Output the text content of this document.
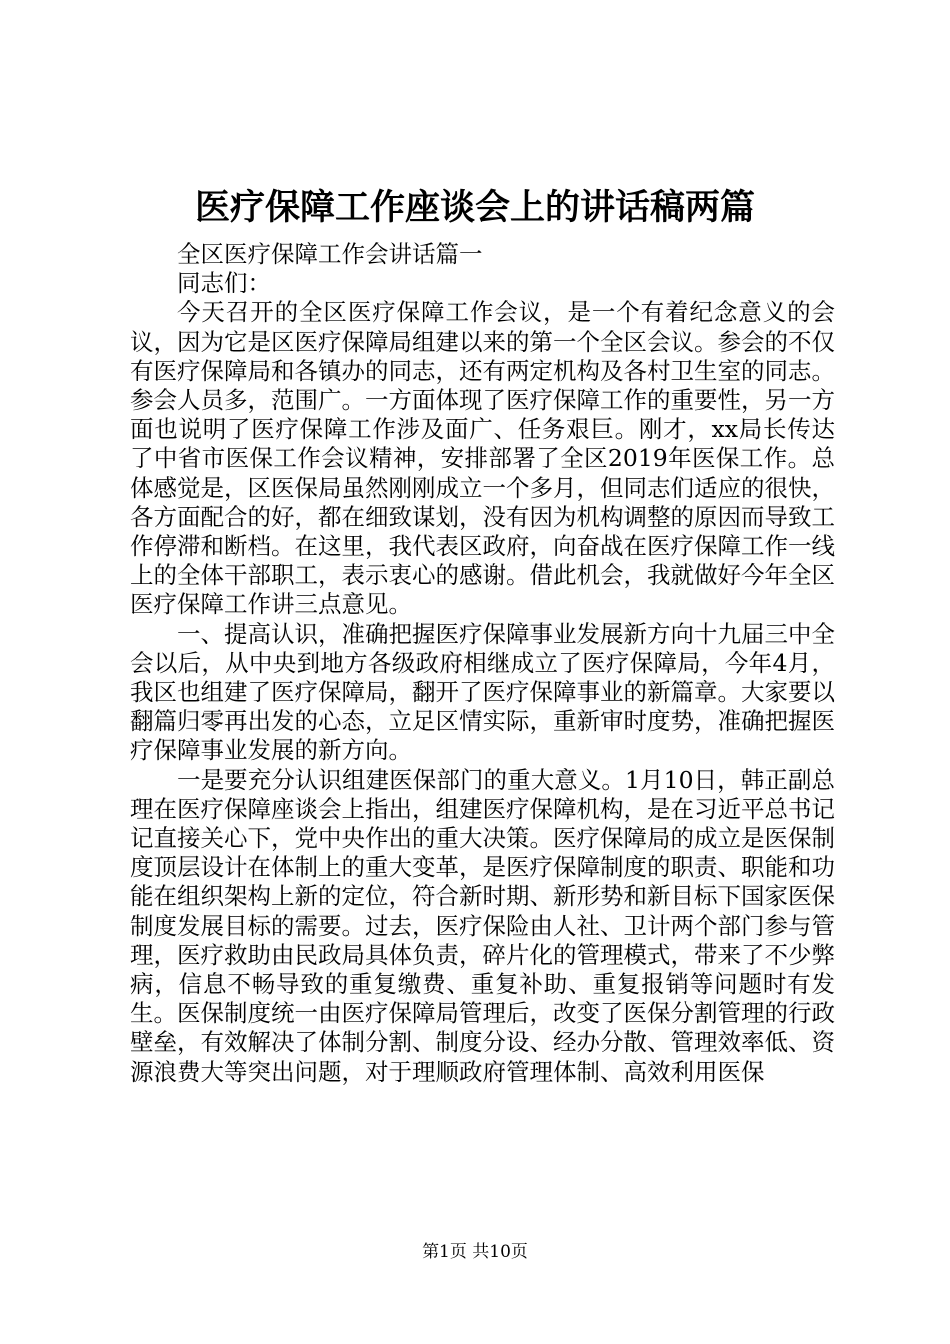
医疗保障工作座谈会上的讲话稿两篇

全区医疗保障工作会讲话篇一

同志们：

今天召开的全区医疗保障工作会议，是一个有着纪念意义的会议，因为它是区医疗保障局组建以来的第一个全区会议。参会的不仅有医疗保障局和各镇办的同志，还有两定机构及各村卫生室的同志。参会人员多，范围广。一方面体现了医疗保障工作的重要性，另一方面也说明了医疗保障工作涉及面广、任务艰巨。刚才，xx局长传达了中省市医保工作会议精神，安排部署了全区2019年医保工作。总体感觉是，区医保局虽然刚刚成立一个多月，但同志们适应的很快，各方面配合的好，都在细致谋划，没有因为机构调整的原因而导致工作停滞和断档。在这里，我代表区政府，向奋战在医疗保障工作一线上的全体干部职工，表示衷心的感谢。借此机会，我就做好今年全区医疗保障工作讲三点意见。

一、提高认识，准确把握医疗保障事业发展新方向十九届三中全会以后，从中央到地方各级政府相继成立了医疗保障局，今年4月，我区也组建了医疗保障局，翻开了医疗保障事业的新篇章。大家要以翻篇归零再出发的心态，立足区情实际，重新审时度势，准确把握医疗保障事业发展的新方向。

一是要充分认识组建医保部门的重大意义。1月10日，韩正副总理在医疗保障座谈会上指出，组建医疗保障机构，是在习近平总书记记直接关心下，党中央作出的重大决策。医疗保障局的成立是医保制度顶层设计在体制上的重大变革，是医疗保障制度的职责、职能和功能在组织架构上新的定位，符合新时期、新形势和新目标下国家医保制度发展目标的需要。过去，医疗保险由人社、卫计两个部门参与管理，医疗救助由民政局具体负责，碎片化的管理模式，带来了不少弊病，信息不畅导致的重复缴费、重复补助、重复报销等问题时有发生。医保制度统一由医疗保障局管理后，改变了医保分割管理的行政壁垒，有效解决了体制分割、制度分设、经办分散、管理效率低、资源浪费大等突出问题，对于理顺政府管理体制、高效利用医保

第1页 共10页
